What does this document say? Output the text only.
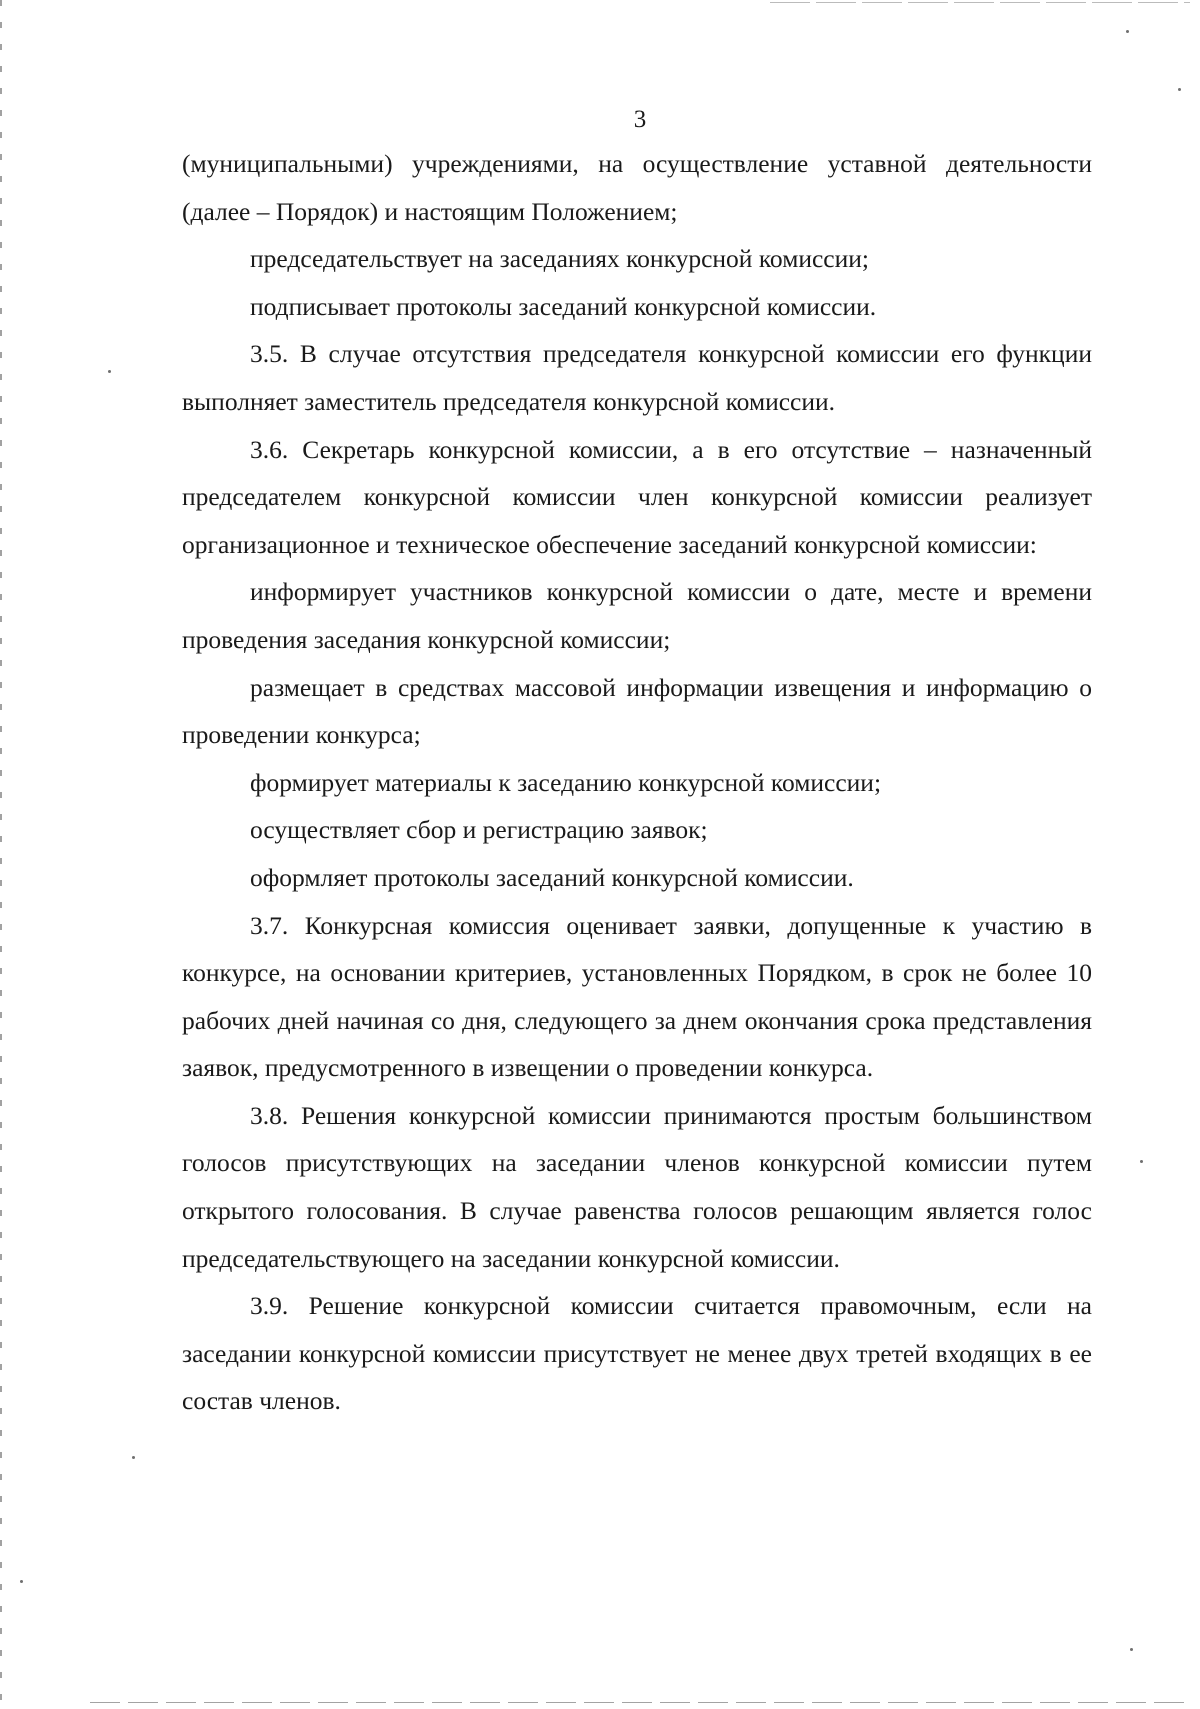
3

(муниципальными) учреждениями, на осуществление уставной деятельности (далее – Порядок) и настоящим Положением;

председательствует на заседаниях конкурсной комиссии;

подписывает протоколы заседаний конкурсной комиссии.

3.5. В случае отсутствия председателя конкурсной комиссии его функции выполняет заместитель председателя конкурсной комиссии.

3.6. Секретарь конкурсной комиссии, а в его отсутствие – назначенный председателем конкурсной комиссии член конкурсной комиссии реализует организационное и техническое обеспечение заседаний конкурсной комиссии:

информирует участников конкурсной комиссии о дате, месте и времени проведения заседания конкурсной комиссии;

размещает в средствах массовой информации извещения и информацию о проведении конкурса;

формирует материалы к заседанию конкурсной комиссии;

осуществляет сбор и регистрацию заявок;

оформляет протоколы заседаний конкурсной комиссии.

3.7. Конкурсная комиссия оценивает заявки, допущенные к участию в конкурсе, на основании критериев, установленных Порядком, в срок не более 10 рабочих дней начиная со дня, следующего за днем окончания срока представления заявок, предусмотренного в извещении о проведении конкурса.

3.8. Решения конкурсной комиссии принимаются простым большинством голосов присутствующих на заседании членов конкурсной комиссии путем открытого голосования. В случае равенства голосов решающим является голос председательствующего на заседании конкурсной комиссии.

3.9. Решение конкурсной комиссии считается правомочным, если на заседании конкурсной комиссии присутствует не менее двух третей входящих в ее состав членов.
